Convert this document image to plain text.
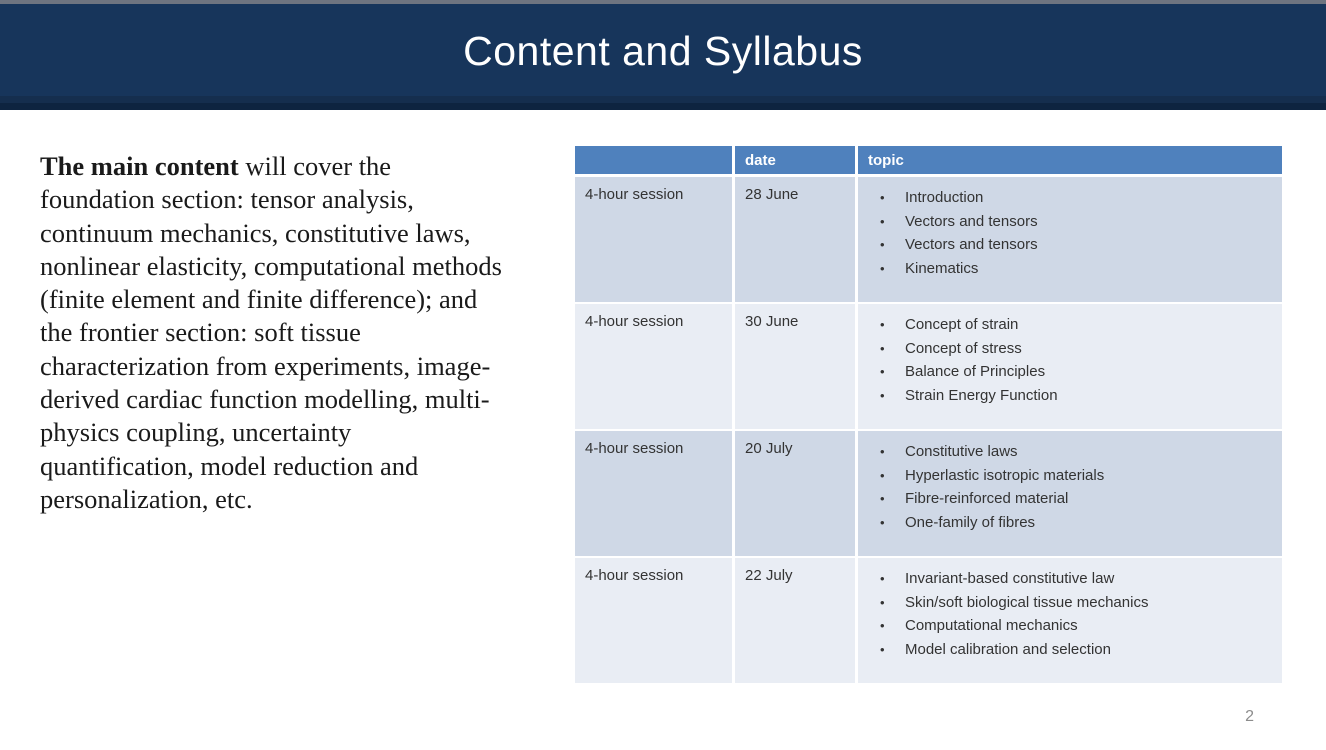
Content and Syllabus
The main content will cover the
foundation section: tensor analysis,
continuum mechanics, constitutive laws,
nonlinear elasticity, computational methods
(finite element and finite difference); and
the frontier section: soft tissue
characterization from experiments, image-
derived cardiac function modelling, multi-
physics coupling, uncertainty
quantification, model reduction and
personalization, etc.
	date	topic
4-hour session	28 June	•	Introduction
•	Vectors and tensors
•	Vectors and tensors
•	Kinematics

4-hour session	30 June	•	Concept of strain
•	Concept of stress
•	Balance of Principles
•	Strain Energy Function

4-hour session	20 July	•	Constitutive laws
•	Hyperlastic isotropic materials
•	Fibre-reinforced material
•	One-family of fibres

4-hour session	22 July	•	Invariant-based constitutive law
•	Skin/soft biological tissue mechanics
•	Computational mechanics
•	Model calibration and selection
2
